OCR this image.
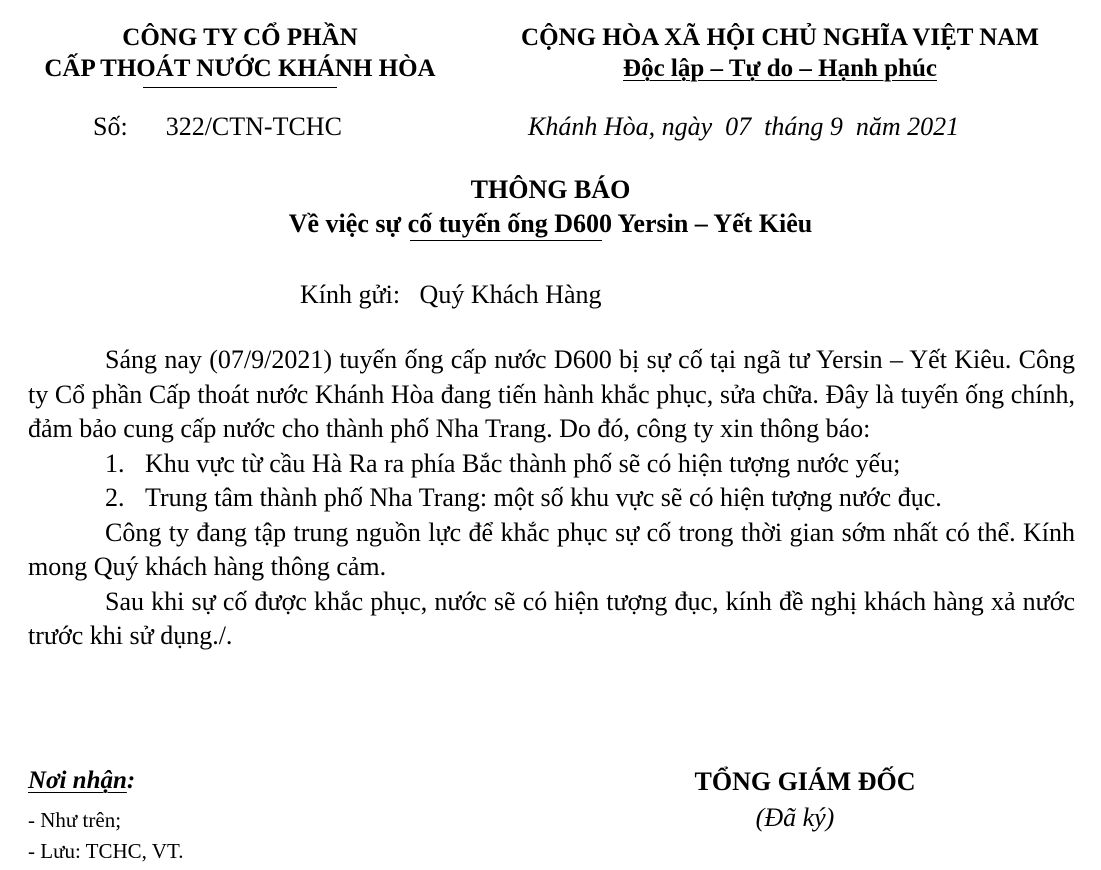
CÔNG TY CỔ PHẦN
CẤP THOÁT NƯỚC KHÁNH HÒA
CỘNG HÒA XÃ HỘI CHỦ NGHĨA VIỆT NAM
Độc lập – Tự do – Hạnh phúc
Số: 322/CTN-TCHC	Khánh Hòa, ngày  07  tháng 9  năm 2021
THÔNG BÁO
Về việc sự cố tuyến ống D600 Yersin – Yết Kiêu
Kính gửi: Quý Khách Hàng

Sáng nay (07/9/2021) tuyến ống cấp nước D600 bị sự cố tại ngã tư Yersin – Yết Kiêu. Công ty Cổ phần Cấp thoát nước Khánh Hòa đang tiến hành khắc phục, sửa chữa. Đây là tuyến ống chính, đảm bảo cung cấp nước cho thành phố Nha Trang. Do đó, công ty xin thông báo:

1. Khu vực từ cầu Hà Ra ra phía Bắc thành phố sẽ có hiện tượng nước yếu;
2. Trung tâm thành phố Nha Trang: một số khu vực sẽ có hiện tượng nước đục.

Công ty đang tập trung nguồn lực để khắc phục sự cố trong thời gian sớm nhất có thể. Kính mong Quý khách hàng thông cảm.

Sau khi sự cố được khắc phục, nước sẽ có hiện tượng đục, kính đề nghị khách hàng xả nước trước khi sử dụng./.

Nơi nhận:
- Như trên;
- Lưu: TCHC, VT.
TỔNG GIÁM ĐỐC
(Đã ký)
